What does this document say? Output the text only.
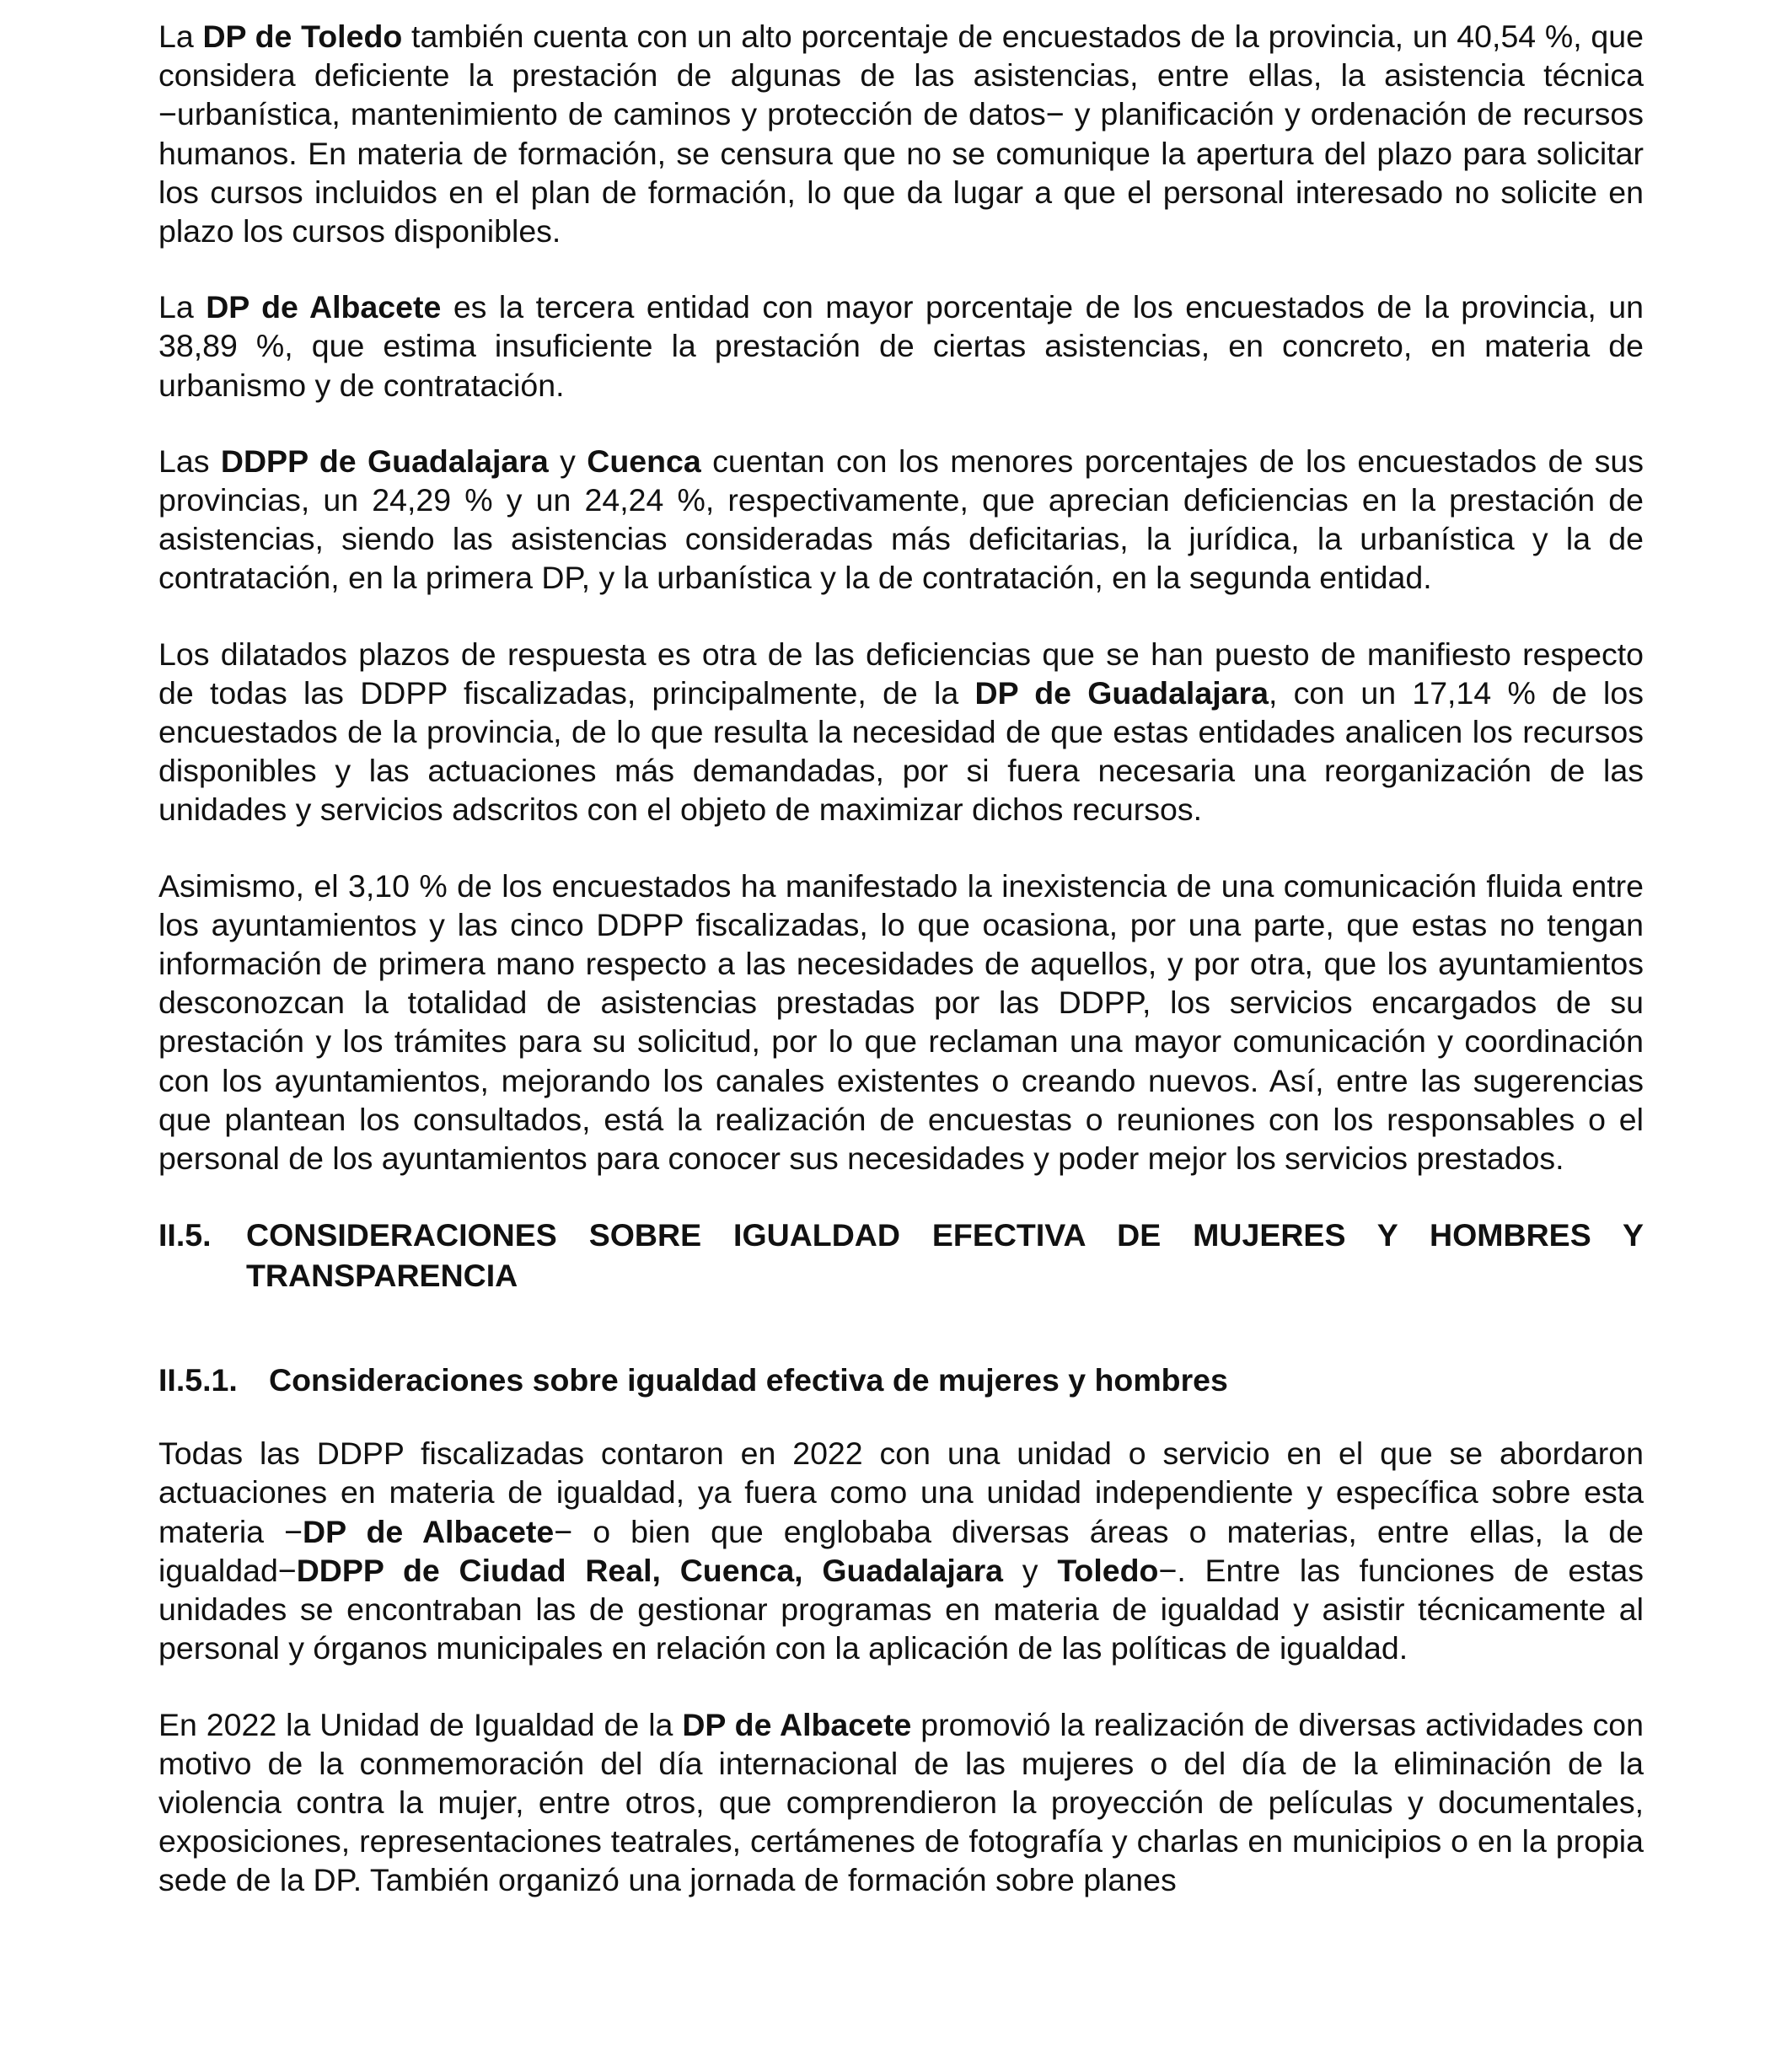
La DP de Toledo también cuenta con un alto porcentaje de encuestados de la provincia, un 40,54 %, que considera deficiente la prestación de algunas de las asistencias, entre ellas, la asistencia técnica −urbanística, mantenimiento de caminos y protección de datos− y planificación y ordenación de recursos humanos. En materia de formación, se censura que no se comunique la apertura del plazo para solicitar los cursos incluidos en el plan de formación, lo que da lugar a que el personal interesado no solicite en plazo los cursos disponibles.

La DP de Albacete es la tercera entidad con mayor porcentaje de los encuestados de la provincia, un 38,89 %, que estima insuficiente la prestación de ciertas asistencias, en concreto, en materia de urbanismo y de contratación.

Las DDPP de Guadalajara y Cuenca cuentan con los menores porcentajes de los encuestados de sus provincias, un 24,29 % y un 24,24 %, respectivamente, que aprecian deficiencias en la prestación de asistencias, siendo las asistencias consideradas más deficitarias, la jurídica, la urbanística y la de contratación, en la primera DP, y la urbanística y la de contratación, en la segunda entidad.

Los dilatados plazos de respuesta es otra de las deficiencias que se han puesto de manifiesto respecto de todas las DDPP fiscalizadas, principalmente, de la DP de Guadalajara, con un 17,14 % de los encuestados de la provincia, de lo que resulta la necesidad de que estas entidades analicen los recursos disponibles y las actuaciones más demandadas, por si fuera necesaria una reorganización de las unidades y servicios adscritos con el objeto de maximizar dichos recursos.

Asimismo, el 3,10 % de los encuestados ha manifestado la inexistencia de una comunicación fluida entre los ayuntamientos y las cinco DDPP fiscalizadas, lo que ocasiona, por una parte, que estas no tengan información de primera mano respecto a las necesidades de aquellos, y por otra, que los ayuntamientos desconozcan la totalidad de asistencias prestadas por las DDPP, los servicios encargados de su prestación y los trámites para su solicitud, por lo que reclaman una mayor comunicación y coordinación con los ayuntamientos, mejorando los canales existentes o creando nuevos. Así, entre las sugerencias que plantean los consultados, está la realización de encuestas o reuniones con los responsables o el personal de los ayuntamientos para conocer sus necesidades y poder mejor los servicios prestados.

II.5.	CONSIDERACIONES SOBRE IGUALDAD EFECTIVA DE MUJERES Y HOMBRES Y TRANSPARENCIA
II.5.1. Consideraciones sobre igualdad efectiva de mujeres y hombres

Todas las DDPP fiscalizadas contaron en 2022 con una unidad o servicio en el que se abordaron actuaciones en materia de igualdad, ya fuera como una unidad independiente y específica sobre esta materia −DP de Albacete− o bien que englobaba diversas áreas o materias, entre ellas, la de igualdad−DDPP de Ciudad Real, Cuenca, Guadalajara y Toledo−. Entre las funciones de estas unidades se encontraban las de gestionar programas en materia de igualdad y asistir técnicamente al personal y órganos municipales en relación con la aplicación de las políticas de igualdad.

En 2022 la Unidad de Igualdad de la DP de Albacete promovió la realización de diversas actividades con motivo de la conmemoración del día internacional de las mujeres o del día de la eliminación de la violencia contra la mujer, entre otros, que comprendieron la proyección de películas y documentales, exposiciones, representaciones teatrales, certámenes de fotografía y charlas en municipios o en la propia sede de la DP. También organizó una jornada de formación sobre planes
